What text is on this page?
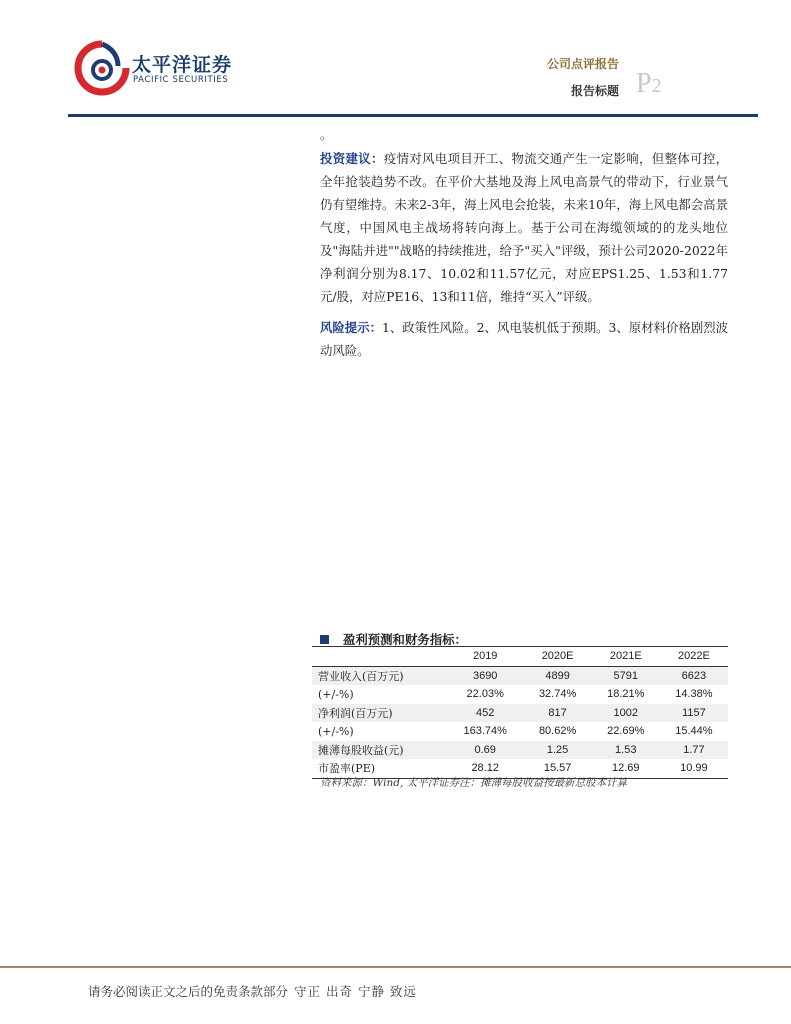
太平洋证券
PACIFIC SECURITIES
公司点评报告
报告标题 P2

。

投资建议：疫情对风电项目开工、物流交通产生一定影响，但整体可控，全年抢装趋势不改。在平价大基地及海上风电高景气的带动下，行业景气仍有望维持。未来2-3年，海上风电会抢装，未来10年，海上风电都会高景气度，中国风电主战场将转向海上。基于公司在海缆领域的的龙头地位及"海陆并进""战略的持续推进，给予"买入"评级，预计公司2020-2022年净利润分别为8.17、10.02和11.57亿元，对应EPS1.25、1.53和1.77元/股，对应PE16、13和11倍，维持“买入”评级。

风险提示：1、政策性风险。2、风电装机低于预期。3、原材料价格剧烈波动风险。

盈利预测和财务指标：
	2019	2020E	2021E	2022E
营业收入(百万元)	3690	4899	5791	6623
(+/-%)	22.03%	32.74%	18.21%	14.38%
净利润(百万元)	452	817	1002	1157
(+/-%)	163.74%	80.62%	22.69%	15.44%
摊薄每股收益(元)	0.69	1.25	1.53	1.77
市盈率(PE)	28.12	15.57	12.69	10.99
资料来源：Wind, 太平洋证券注：摊薄每股收益按最新总股本计算
请务必阅读正文之后的免责条款部分 守正 出奇 宁静 致远
